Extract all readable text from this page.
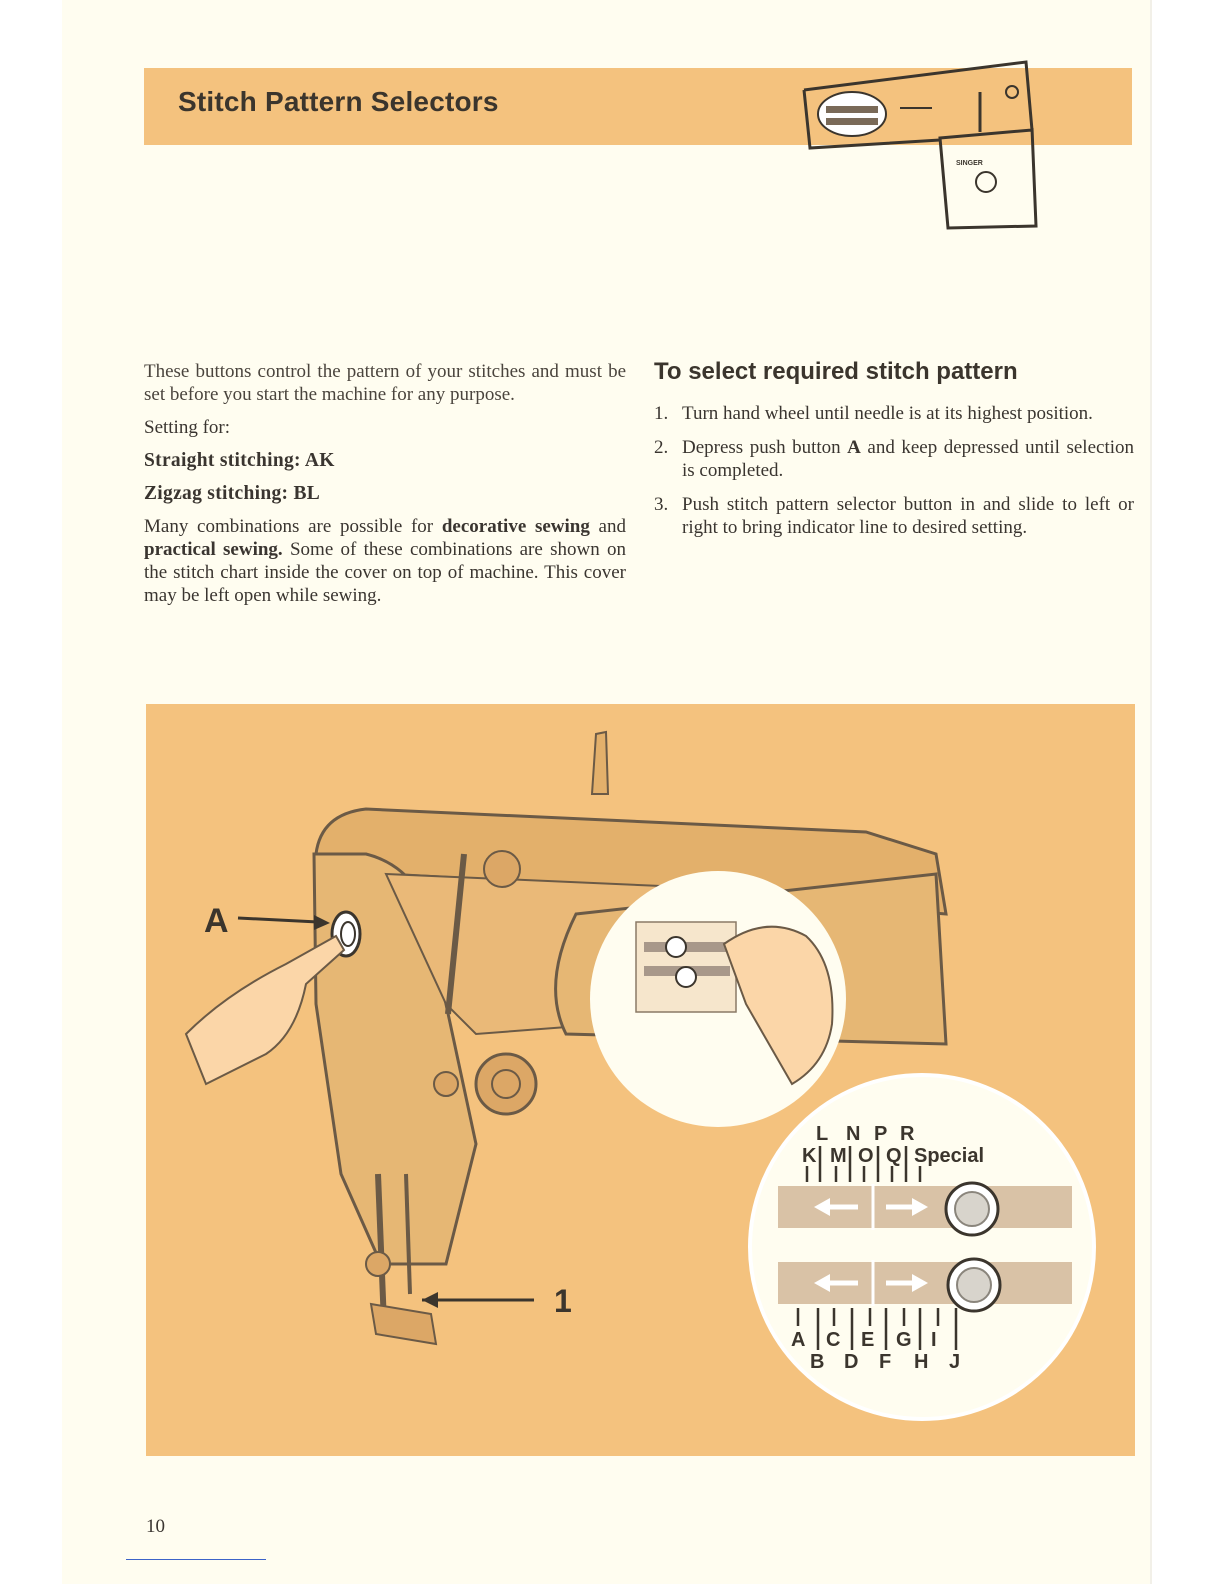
Stitch Pattern Selectors
SINGER

These buttons control the pattern of your stitches and must be set before you start the machine for any purpose.

Setting for:

Straight stitching: AK

Zigzag stitching: BL

Many combinations are possible for decorative sewing and practical sewing. Some of these combinations are shown on the stitch chart inside the cover on top of machine. This cover may be left open while sewing.

To select required stitch pattern
1. Turn hand wheel until needle is at its highest position.
2. Depress push button A and keep depressed until selection is completed.
3. Push stitch pattern selector button in and slide to left or right to bring indicator line to desired setting.
1
A
L N P R
K M O Q Special
A C E G I
B D F H J
10
